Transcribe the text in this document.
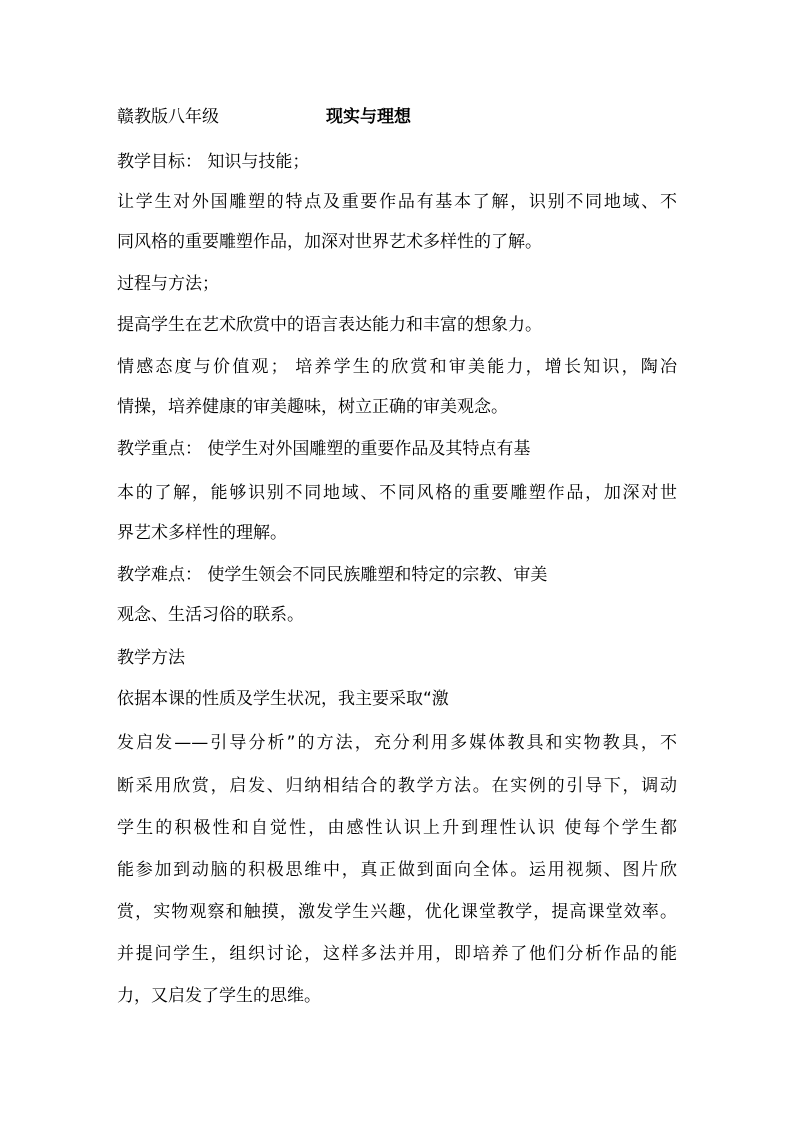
赣教版八年级	现实与理想
教学目标： 知识与技能；
让学生对外国雕塑的特点及重要作品有基本了解，识别不同地域、不
同风格的重要雕塑作品，加深对世界艺术多样性的了解。
过程与方法；
提高学生在艺术欣赏中的语言表达能力和丰富的想象力。
情感态度与价值观； 培养学生的欣赏和审美能力，增长知识，陶冶
情操，培养健康的审美趣味，树立正确的审美观念。
教学重点： 使学生对外国雕塑的重要作品及其特点有基
本的了解，能够识别不同地域、不同风格的重要雕塑作品，加深对世
界艺术多样性的理解。
教学难点： 使学生领会不同民族雕塑和特定的宗教、审美
观念、生活习俗的联系。
教学方法
依据本课的性质及学生状况，我主要采取“激
发启发——引导分析”的方法，充分利用多媒体教具和实物教具，不
断采用欣赏，启发、归纳相结合的教学方法。在实例的引导下，调动
学生的积极性和自觉性，由感性认识上升到理性认识 使每个学生都
能参加到动脑的积极思维中，真正做到面向全体。运用视频、图片欣
赏，实物观察和触摸，激发学生兴趣，优化课堂教学，提高课堂效率。
并提问学生，组织讨论，这样多法并用，即培养了他们分析作品的能
力，又启发了学生的思维。
